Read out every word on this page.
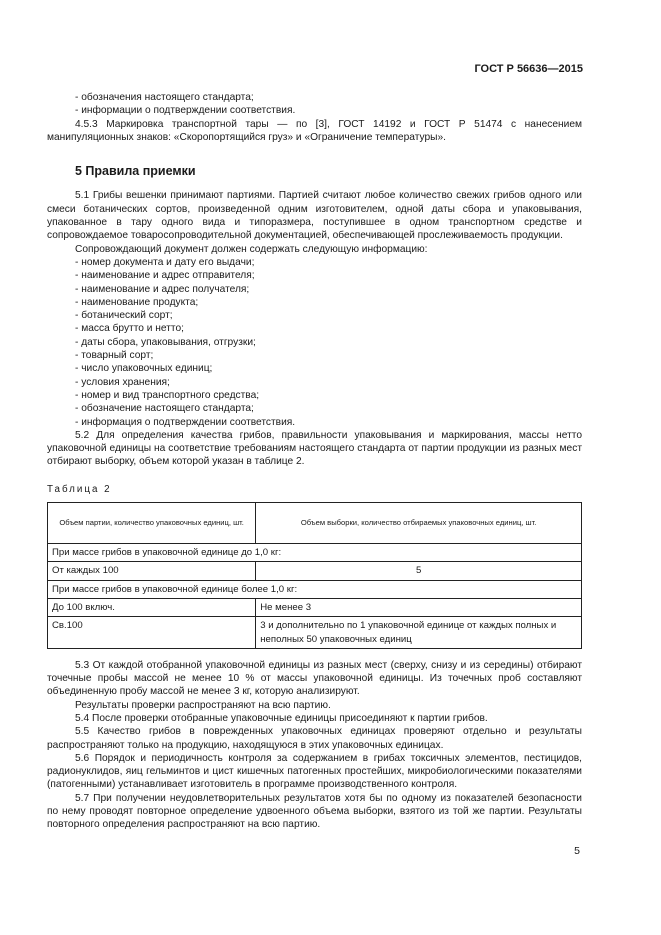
ГОСТ Р 56636—2015

- обозначения настоящего стандарта;

- информации о подтверждении соответствия.

4.5.3 Маркировка транспортной тары — по [3], ГОСТ 14192 и ГОСТ Р 51474 с нанесением манипуляционных знаков: «Скоропортящийся груз» и «Ограничение температуры».

5 Правила приемки

5.1 Грибы вешенки принимают партиями. Партией считают любое количество свежих грибов одного или смеси ботанических сортов, произведенной одним изготовителем, одной даты сбора и упаковывания, упакованное в тару одного вида и типоразмера, поступившее в одном транспортном средстве и сопровождаемое товаросопроводительной документацией, обеспечивающей прослеживаемость продукции.

Сопровождающий документ должен содержать следующую информацию:

- номер документа и дату его выдачи;

- наименование и адрес отправителя;

- наименование и адрес получателя;

- наименование продукта;

- ботанический сорт;

- масса брутто и нетто;

- даты сбора, упаковывания, отгрузки;

- товарный сорт;

- число упаковочных единиц;

- условия хранения;

- номер и вид транспортного средства;

- обозначение настоящего стандарта;

- информация о подтверждении соответствия.

5.2 Для определения качества грибов, правильности упаковывания и маркирования, массы нетто упаковочной единицы на соответствие требованиям настоящего стандарта от партии продукции из разных мест отбирают выборку, объем которой указан в таблице 2.

Таблица 2
Объем партии, количество упаковочных единиц, шт.	Объем выборки, количество отбираемых упаковочных единиц, шт.
При массе грибов в упаковочной единице до 1,0 кг:	
От каждых 100	5
При массе грибов в упаковочной единице более 1,0 кг:	
До 100 включ.	Не менее 3
Св.100	3 и дополнительно по 1 упаковочной единице от каждых полных и неполных 50 упаковочных единиц

5.3 От каждой отобранной упаковочной единицы из разных мест (сверху, снизу и из середины) отбирают точечные пробы массой не менее 10 % от массы упаковочной единицы. Из точечных проб составляют объединенную пробу массой не менее 3 кг, которую анализируют.

Результаты проверки распространяют на всю партию.

5.4 После проверки отобранные упаковочные единицы присоединяют к партии грибов.

5.5 Качество грибов в поврежденных упаковочных единицах проверяют отдельно и результаты распространяют только на продукцию, находящуюся в этих упаковочных единицах.

5.6 Порядок и периодичность контроля за содержанием в грибах токсичных элементов, пестицидов, радионуклидов, яиц гельминтов и цист кишечных патогенных простейших, микробиологическими показателями (патогенными) устанавливает изготовитель в программе производственного контроля.

5.7 При получении неудовлетворительных результатов хотя бы по одному из показателей безопасности по нему проводят повторное определение удвоенного объема выборки, взятого из той же партии. Результаты повторного определения распространяют на всю партию.

5
